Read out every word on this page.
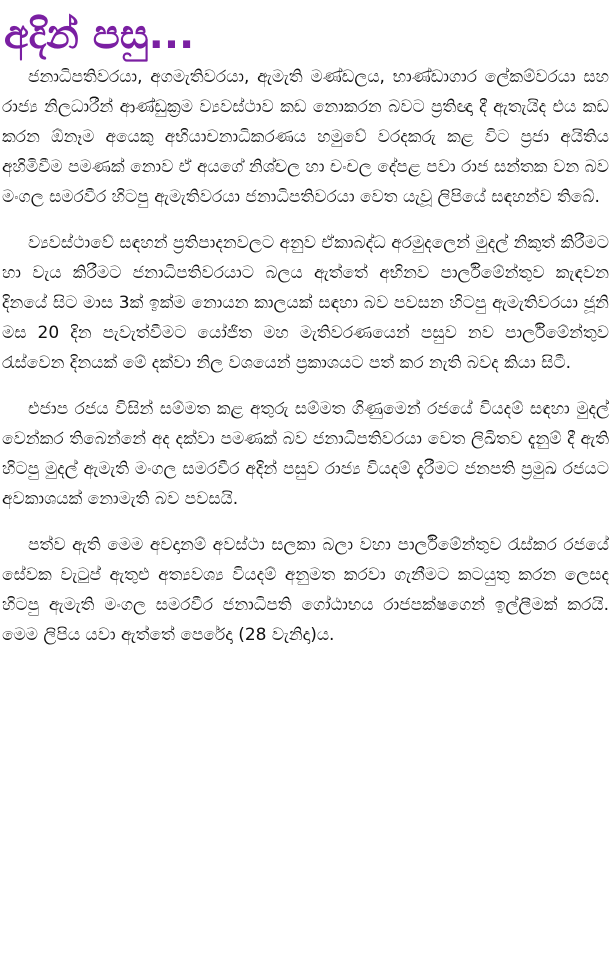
අදින් පසු...

ජනාධිපතිවරයා, අගමැතිවරයා, ඇමැති මණ්ඩලය, භාණ්ඩාගාර ලේකම්වරයා සහ රාජ්‍ය නිලධාරීන් ආණ්ඩුක්‍රම ව්‍යවස්ථාව කඩ නොකරන බවට ප්‍රතිඥා දී ඇතැයිද එය කඩ කරන ඕනෑම අයෙකු අභියාචනාධිකරණය හමුවේ වරදකරු කළ විට ප්‍රජා අයිතිය අහිමිවීම පමණක් නොව ඒ අයගේ නිශ්චල හා චංචල දේපළ පවා රාජ සන්තක වන බව මංගල සමරවීර හිටපු ඇමැතිවරයා ජනාධිපතිවරයා වෙත යැවූ ලිපියේ සඳහන්ව තිබේ.

ව්‍යවස්ථාවේ සඳහන් ප්‍රතිපාදනවලට අනුව ඒකාබද්ධ අරමුදලෙන් මුදල් නිකුත් කිරීමට හා වැය කිරීමට ජනාධිපතිවරයාට බලය ඇත්තේ අභිනව පාර්ලිමේන්තුව කැඳවන දිනයේ සිට මාස 3ක් ඉක්ම නොයන කාලයක් සඳහා බව පවසන හිටපු ඇමැතිවරයා ජූනි මස 20 දින පැවැත්වීමට යෝජිත මහ මැතිවරණයෙන් පසුව නව පාර්ලිමේන්තුව රැස්වෙන දිනයක් මේ දක්වා නිල වශයෙන් ප්‍රකාශයට පත් කර නැති බවද කියා සිටී.

එජාප රජය විසින් සම්මත කළ අතුරු සම්මත ගිණුමෙන් රජයේ වියදම් සඳහා මුදල් වෙන්කර තිබෙන්නේ අද දක්වා පමණක් බව ජනාධිපතිවරයා වෙත ලිඛිතව දැනුම් දී ඇති හිටපු මුදල් ඇමැති මංගල සමරවීර අදින් පසුව රාජ්‍ය වියදම් දැරීමට ජනපති ප්‍රමුඛ රජයට අවකාශයක් නොමැති බව පවසයි.

පත්ව ඇති මෙම අවදානම් අවස්ථා සලකා බලා වහා පාර්ලිමේන්තුව රැස්කර රජයේ සේවක වැටුප් ඇතුළු අත්‍යවශ්‍ය වියදම් අනුමත කරවා ගැනීමට කටයුතු කරන ලෙසද හිටපු ඇමැති මංගල සමරවීර ජනාධිපති ගෝඨාභය රාජපක්ෂගෙන් ඉල්ලීමක් කරයි. මෙම ලිපිය යවා ඇත්තේ පෙරේදා (28 වැනිදා)ය.
